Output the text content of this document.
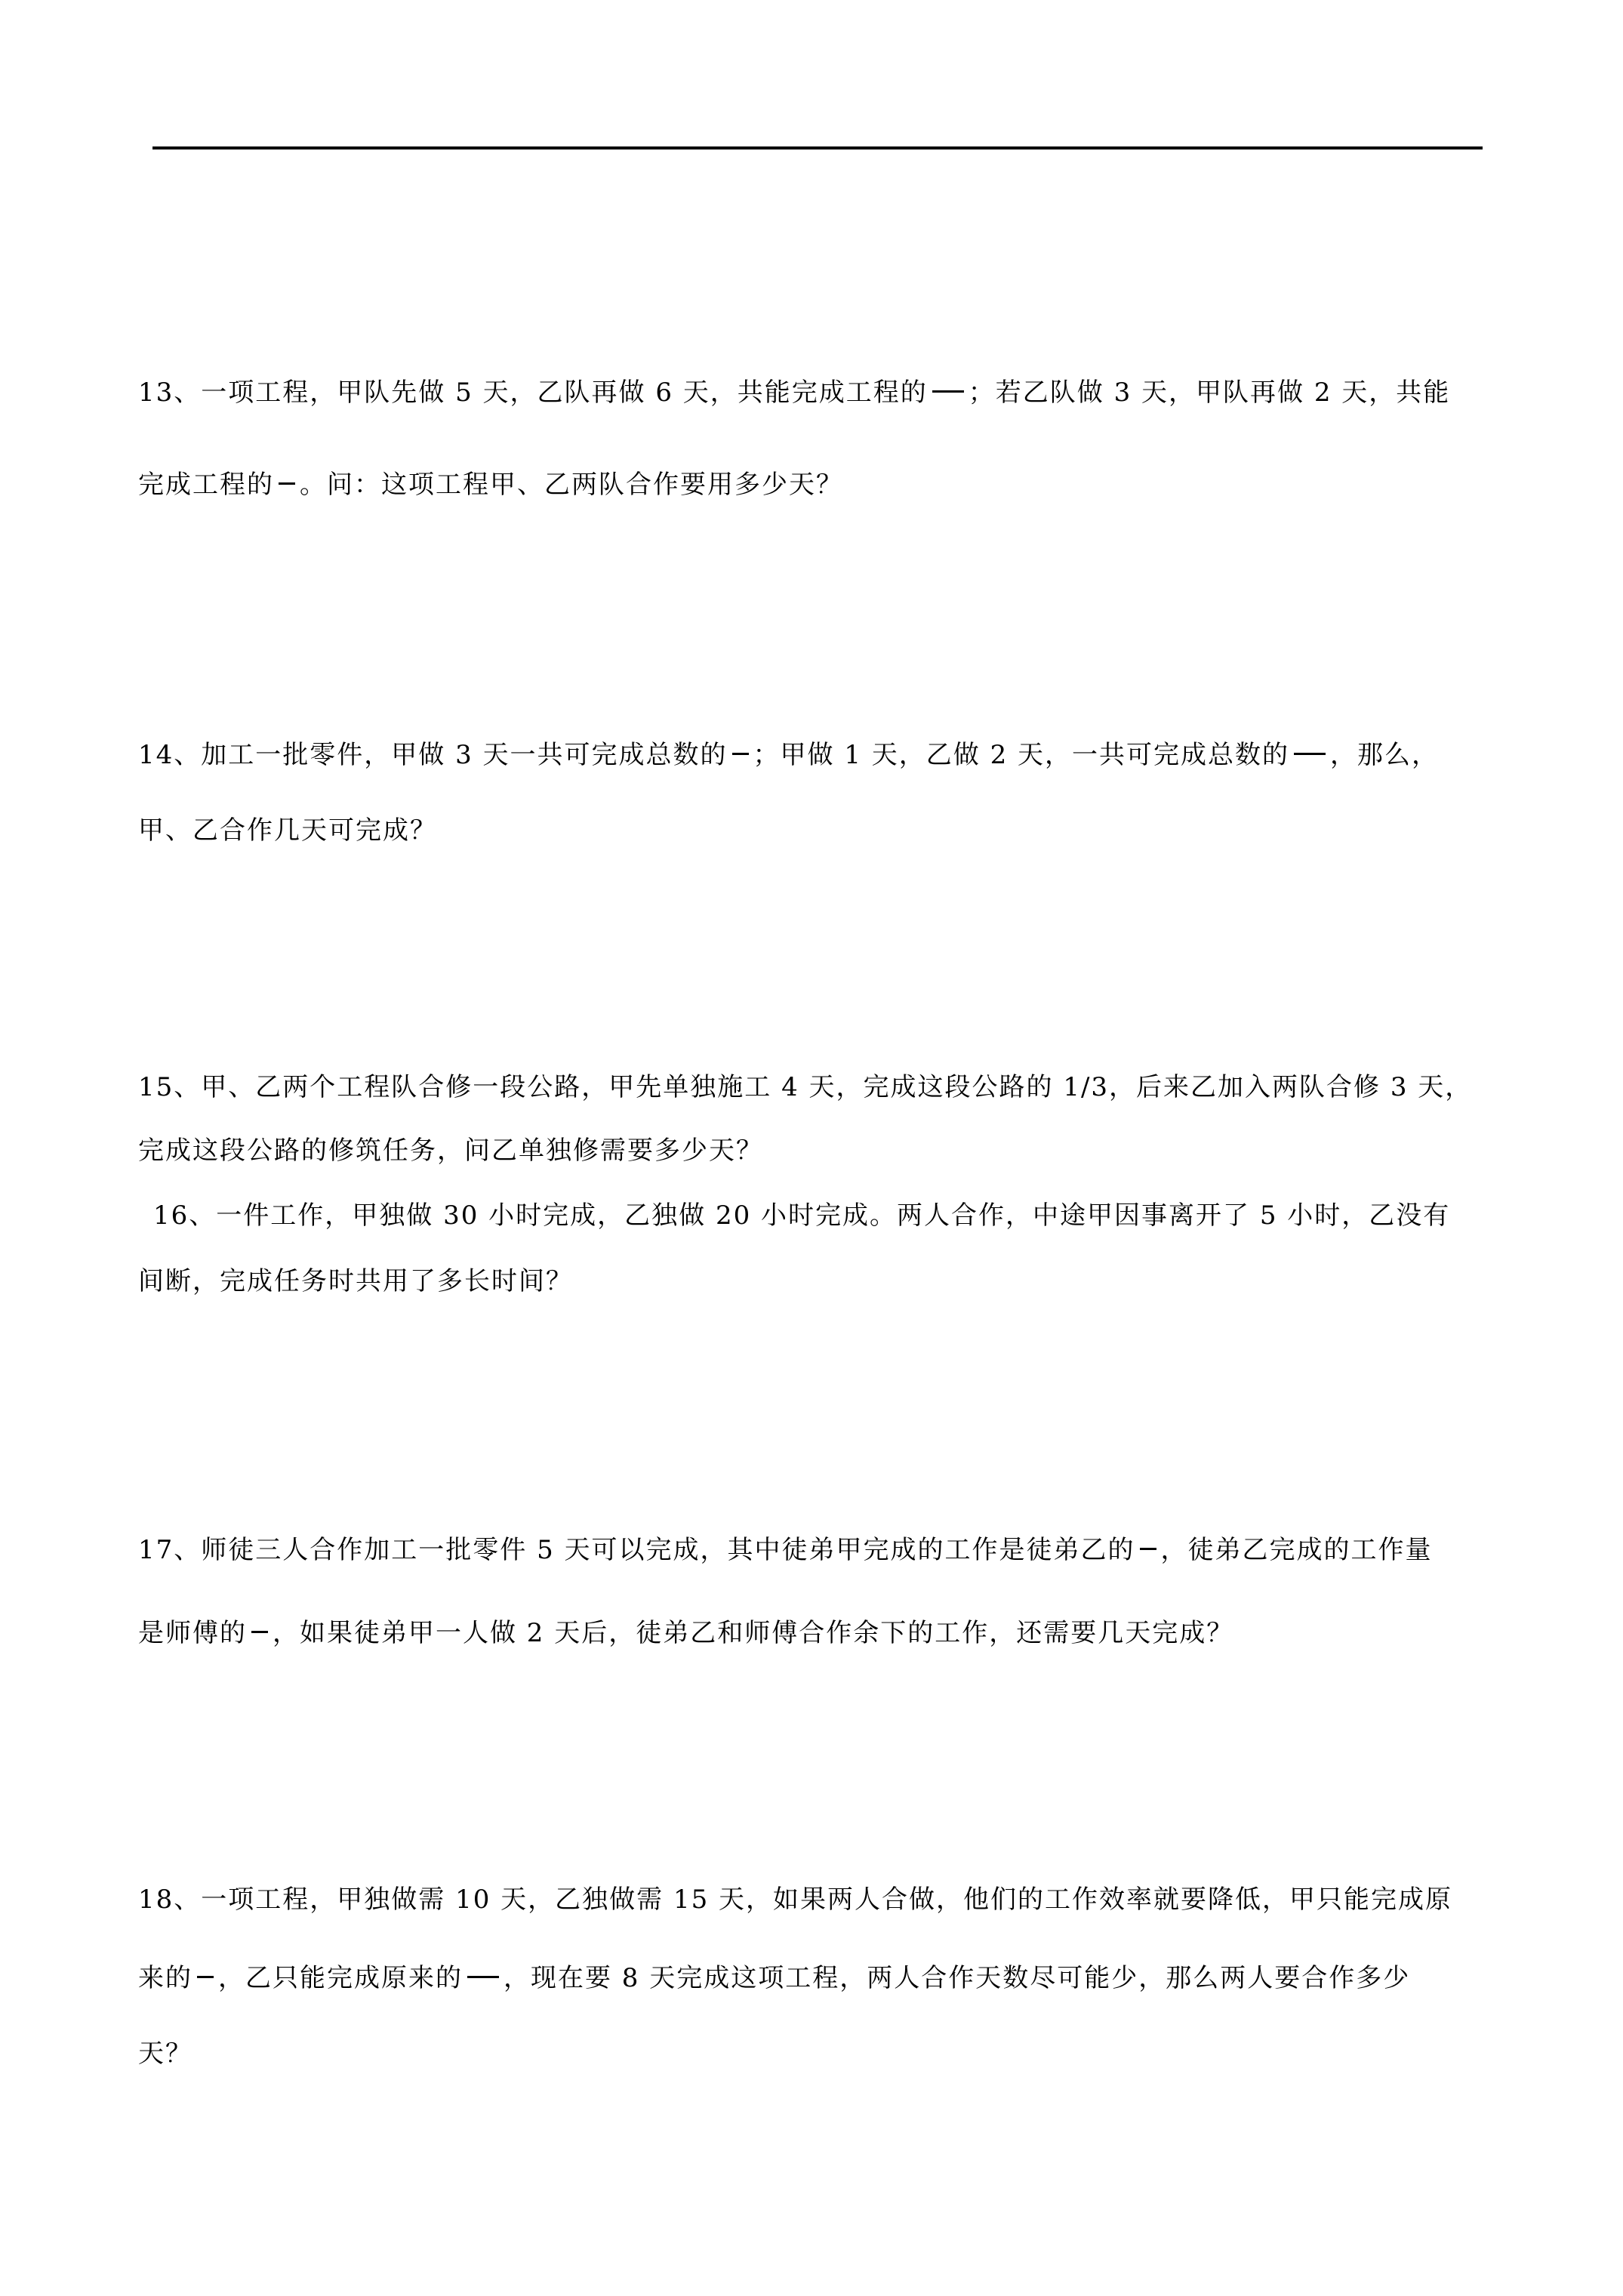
13、一项工程，甲队先做 5 天，乙队再做 6 天，共能完成工程的 ；若乙队做 3 天，甲队再做 2 天，共能
完成工程的 。问：这项工程甲、乙两队合作要用多少天？
14、加工一批零件，甲做 3 天一共可完成总数的 ；甲做 1 天，乙做 2 天，一共可完成总数的 ，那么，
甲、乙合作几天可完成？
15、甲、乙两个工程队合修一段公路，甲先单独施工 4 天，完成这段公路的 1/3，后来乙加入两队合修 3 天，
完成这段公路的修筑任务，问乙单独修需要多少天？
16、一件工作，甲独做 30 小时完成，乙独做 20 小时完成。两人合作，中途甲因事离开了 5 小时，乙没有
间断，完成任务时共用了多长时间？
17、师徒三人合作加工一批零件 5 天可以完成，其中徒弟甲完成的工作是徒弟乙的 ，徒弟乙完成的工作量
是师傅的 ，如果徒弟甲一人做 2 天后，徒弟乙和师傅合作余下的工作，还需要几天完成？
18、一项工程，甲独做需 10 天，乙独做需 15 天，如果两人合做，他们的工作效率就要降低，甲只能完成原
来的 ，乙只能完成原来的 ，现在要 8 天完成这项工程，两人合作天数尽可能少，那么两人要合作多少
天？
